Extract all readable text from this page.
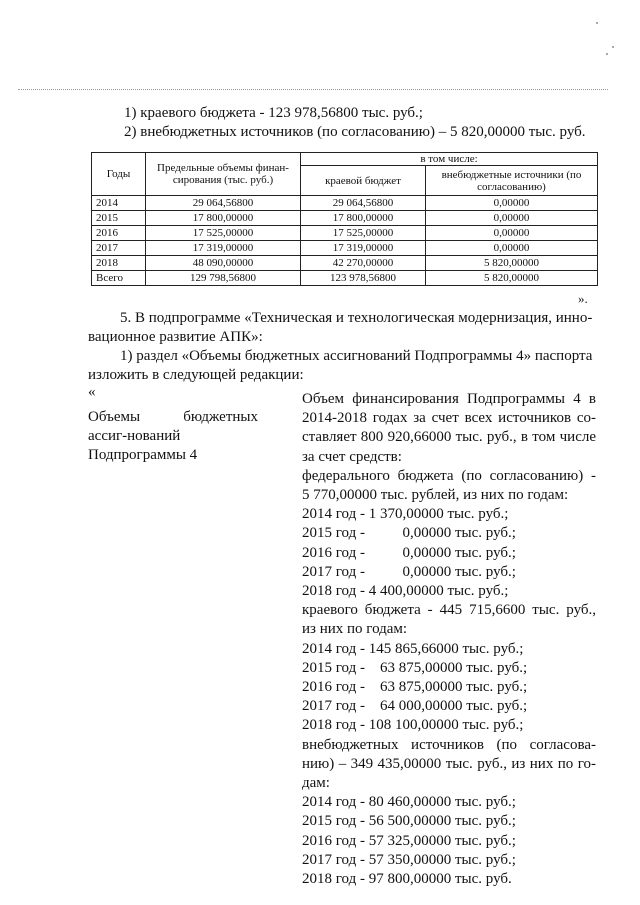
1) краевого бюджета - 123 978,56800 тыс. руб.;
2) внебюджетных источников (по согласованию) – 5 820,00000 тыс. руб.
Годы	Предельные объемы финан-сирования (тыс. руб.)	в том числе:	
		краевой бюджет	внебюджетные источники (по согласованию)
2014	29 064,56800	29 064,56800	0,00000
2015	17 800,00000	17 800,00000	0,00000
2016	17 525,00000	17 525,00000	0,00000
2017	17 319,00000	17 319,00000	0,00000
2018	48 090,00000	42 270,00000	5 820,00000
Всего	129 798,56800	123 978,56800	5 820,00000
».
5. В подпрограмме «Техническая и технологическая модернизация, инно-
вационное развитие АПК»:
1) раздел «Объемы бюджетных ассигнований Подпрограммы 4» паспорта
изложить в следующей редакции:
«
Объемы бюджетных ассиг-нований Подпрограммы 4
Объем финансирования Подпрограммы 4 в
2014-2018 годах за счет всех источников со-
ставляет 800 920,66000 тыс. руб., в том числе
за счет средств:
федерального бюджета (по согласованию) -
5 770,00000 тыс. рублей, из них по годам:
2014 год - 1 370,00000 тыс. руб.;
2015 год -          0,00000 тыс. руб.;
2016 год -          0,00000 тыс. руб.;
2017 год -          0,00000 тыс. руб.;
2018 год - 4 400,00000 тыс. руб.;
краевого бюджета - 445 715,6600 тыс. руб.,
из них по годам:
2014 год - 145 865,66000 тыс. руб.;
2015 год -    63 875,00000 тыс. руб.;
2016 год -    63 875,00000 тыс. руб.;
2017 год -    64 000,00000 тыс. руб.;
2018 год - 108 100,00000 тыс. руб.;
внебюджетных источников (по согласова-
нию) – 349 435,00000 тыс. руб., из них по го-
дам:
2014 год - 80 460,00000 тыс. руб.;
2015 год - 56 500,00000 тыс. руб.;
2016 год - 57 325,00000 тыс. руб.;
2017 год - 57 350,00000 тыс. руб.;
2018 год - 97 800,00000 тыс. руб.
